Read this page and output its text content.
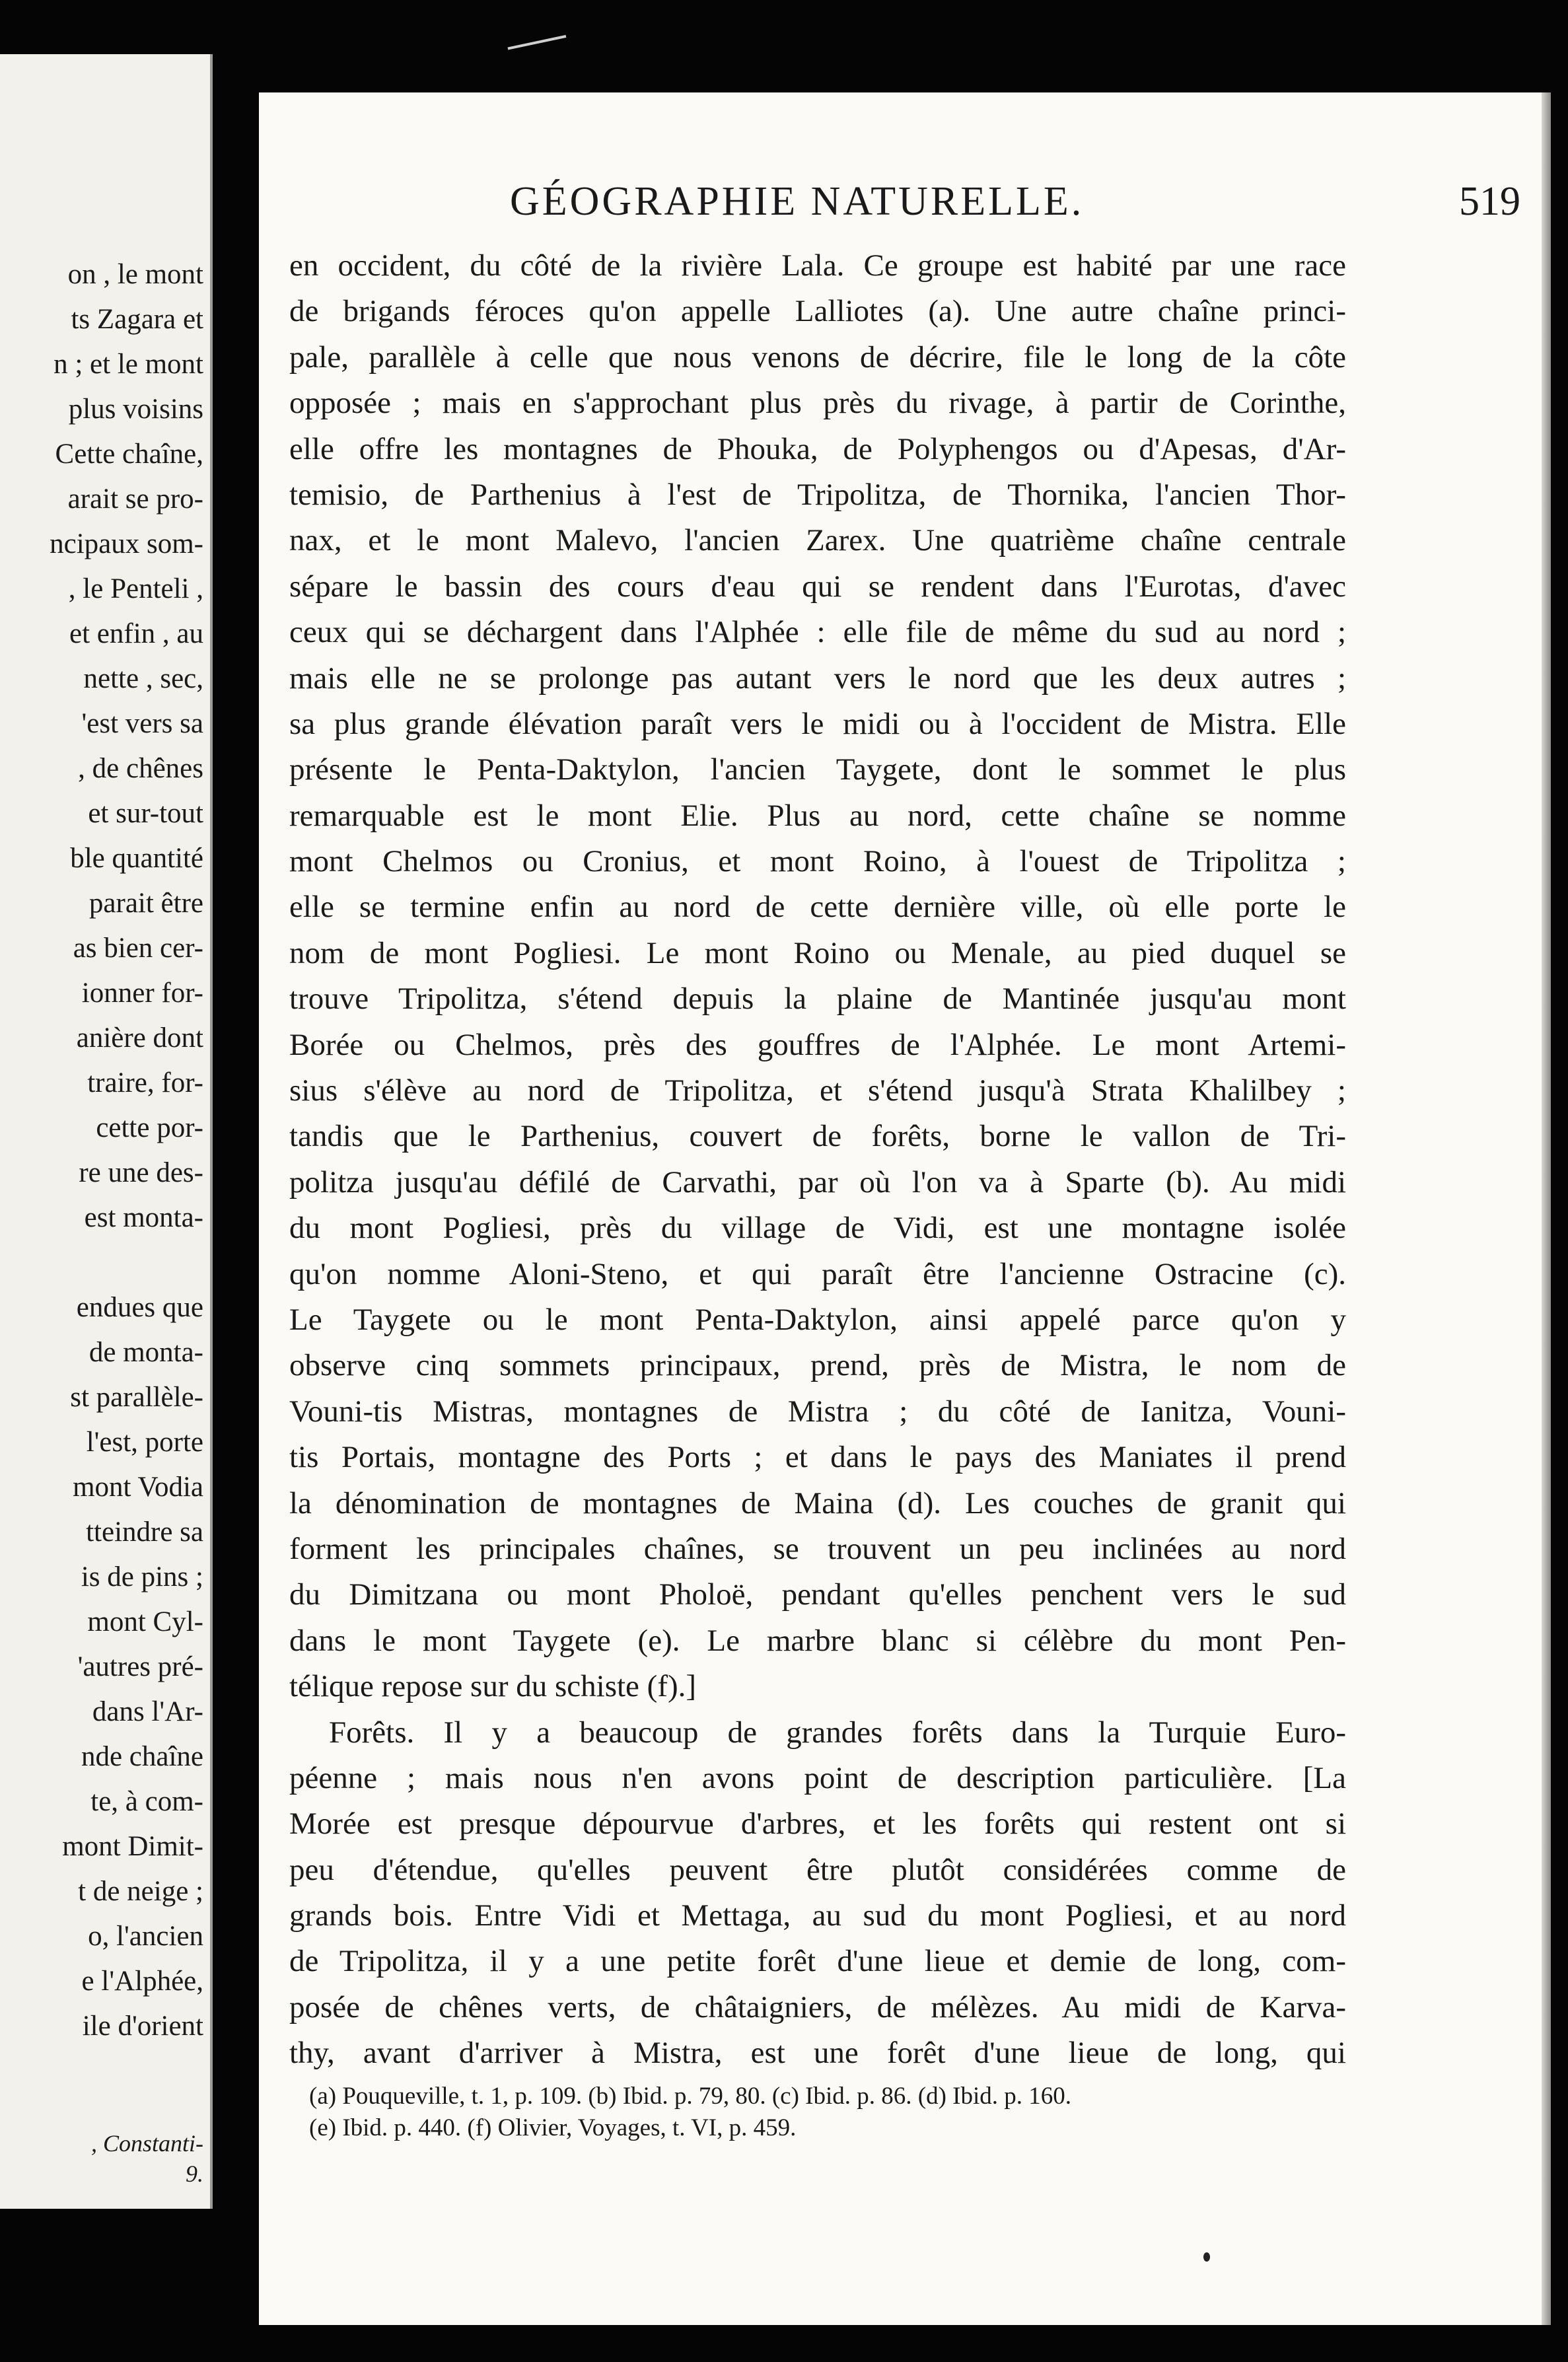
on , le mont
ts Zagara et
n ; et le mont
plus voisins
Cette chaîne,
arait se pro-
ncipaux som-
, le Penteli ,
et enfin , au
nette , sec,
'est vers sa
, de chênes
et sur-tout
ble quantité
parait être
as bien cer-
ionner for-
anière dont
traire, for-
cette por-
re une des-
est monta-
endues que
de monta-
st parallèle-
l'est, porte
mont Vodia
tteindre sa
is de pins ;
mont Cyl-
'autres pré-
dans l'Ar-
nde chaîne
te, à com-
mont Dimit-
t de neige ;
o, l'ancien
e l'Alphée,
ile d'orient
, Constanti-
9.
GÉOGRAPHIE NATURELLE.	519
en occident, du côté de la rivière Lala. Ce groupe est habité par une race
de brigands féroces qu'on appelle Lalliotes (a). Une autre chaîne princi-
pale, parallèle à celle que nous venons de décrire, file le long de la côte
opposée ; mais en s'approchant plus près du rivage, à partir de Corinthe,
elle offre les montagnes de Phouka, de Polyphengos ou d'Apesas, d'Ar-
temisio, de Parthenius à l'est de Tripolitza, de Thornika, l'ancien Thor-
nax, et le mont Malevo, l'ancien Zarex. Une quatrième chaîne centrale
sépare le bassin des cours d'eau qui se rendent dans l'Eurotas, d'avec
ceux qui se déchargent dans l'Alphée : elle file de même du sud au nord ;
mais elle ne se prolonge pas autant vers le nord que les deux autres ;
sa plus grande élévation paraît vers le midi ou à l'occident de Mistra. Elle
présente le Penta-Daktylon, l'ancien Taygete, dont le sommet le plus
remarquable est le mont Elie. Plus au nord, cette chaîne se nomme
mont Chelmos ou Cronius, et mont Roino, à l'ouest de Tripolitza ;
elle se termine enfin au nord de cette dernière ville, où elle porte le
nom de mont Pogliesi. Le mont Roino ou Menale, au pied duquel se
trouve Tripolitza, s'étend depuis la plaine de Mantinée jusqu'au mont
Borée ou Chelmos, près des gouffres de l'Alphée. Le mont Artemi-
sius s'élève au nord de Tripolitza, et s'étend jusqu'à Strata Khalilbey ;
tandis que le Parthenius, couvert de forêts, borne le vallon de Tri-
politza jusqu'au défilé de Carvathi, par où l'on va à Sparte (b). Au midi
du mont Pogliesi, près du village de Vidi, est une montagne isolée
qu'on nomme Aloni-Steno, et qui paraît être l'ancienne Ostracine (c).
Le Taygete ou le mont Penta-Daktylon, ainsi appelé parce qu'on y
observe cinq sommets principaux, prend, près de Mistra, le nom de
Vouni-tis Mistras, montagnes de Mistra ; du côté de Ianitza, Vouni-
tis Portais, montagne des Ports ; et dans le pays des Maniates il prend
la dénomination de montagnes de Maina (d). Les couches de granit qui
forment les principales chaînes, se trouvent un peu inclinées au nord
du Dimitzana ou mont Pholoë, pendant qu'elles penchent vers le sud
dans le mont Taygete (e). Le marbre blanc si célèbre du mont Pen-
télique repose sur du schiste (f).]
Forêts. Il y a beaucoup de grandes forêts dans la Turquie Euro-
péenne ; mais nous n'en avons point de description particulière. [La
Morée est presque dépourvue d'arbres, et les forêts qui restent ont si
peu d'étendue, qu'elles peuvent être plutôt considérées comme de
grands bois. Entre Vidi et Mettaga, au sud du mont Pogliesi, et au nord
de Tripolitza, il y a une petite forêt d'une lieue et demie de long, com-
posée de chênes verts, de châtaigniers, de mélèzes. Au midi de Karva-
thy, avant d'arriver à Mistra, est une forêt d'une lieue de long, qui
(a) Pouqueville, t. 1, p. 109. (b) Ibid. p. 79, 80. (c) Ibid. p. 86. (d) Ibid. p. 160.
(e) Ibid. p. 440. (f) Olivier, Voyages, t. VI, p. 459.
